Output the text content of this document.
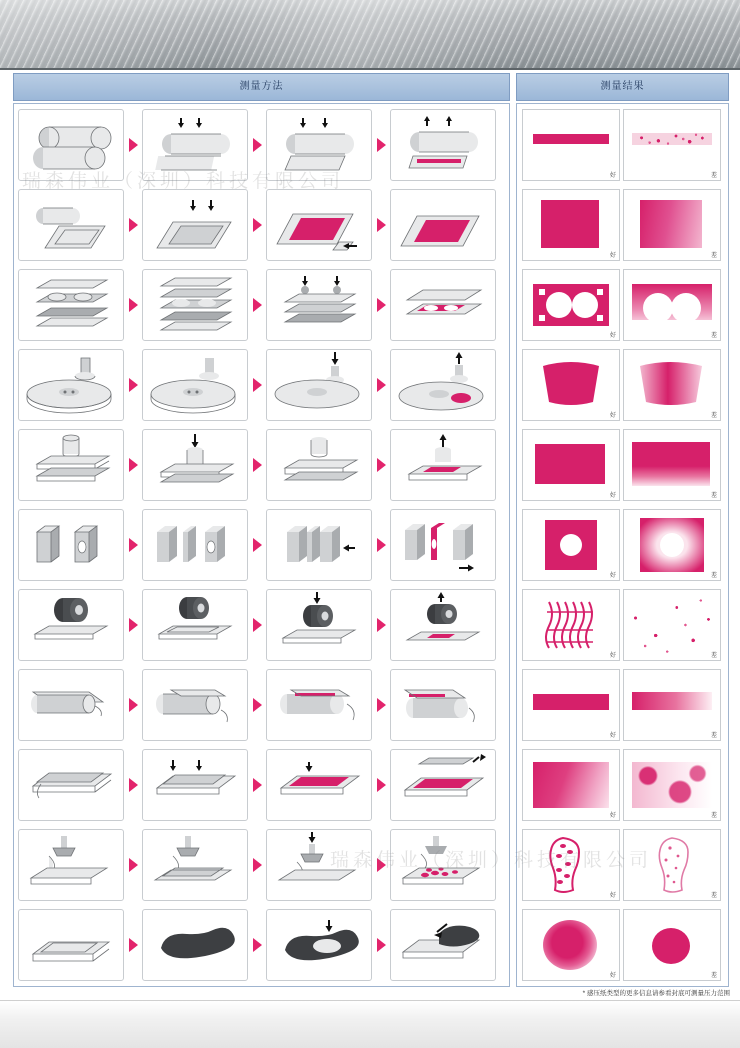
测量方法	测量结果
好	差
好	差
好	差
好	差
好	差
好	差
好	差
好	差
好	差
好	差
好	差
* 感压纸类型的更多信息请参看封底可测量压力范围
瑞森伟业（深圳）科技有限公司
瑞森伟业（深圳）科技有限公司
